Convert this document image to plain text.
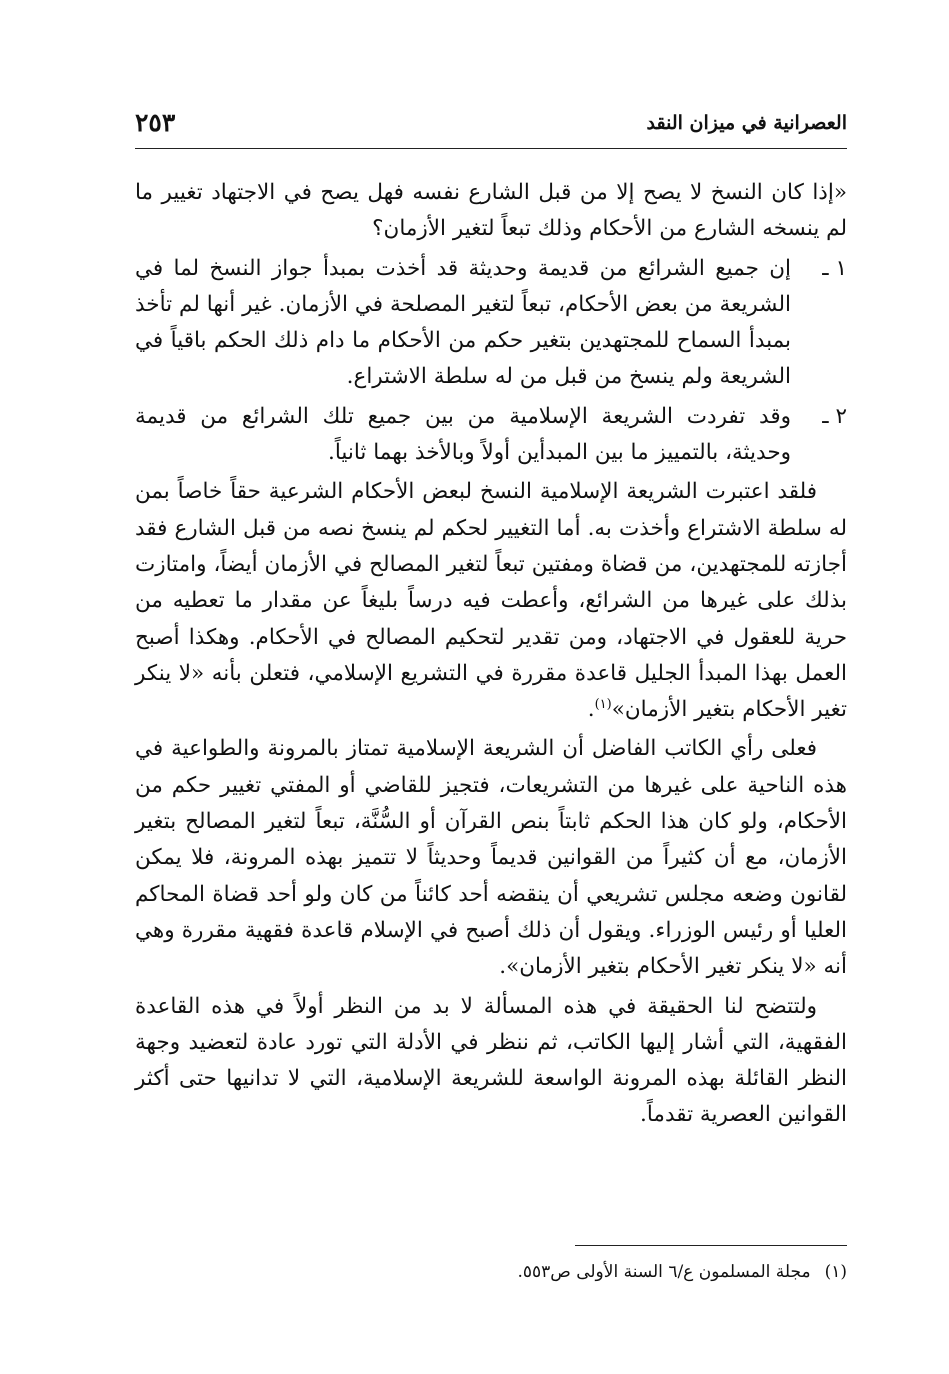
العصرانية في ميزان النقد
٢٥٣

«إذا كان النسخ لا يصح إلا من قبل الشارع نفسه فهل يصح في الاجتهاد تغيير ما لم ينسخه الشارع من الأحكام وذلك تبعاً لتغير الأزمان؟

١ ـ
إن جميع الشرائع من قديمة وحديثة قد أخذت بمبدأ جواز النسخ لما في الشريعة من بعض الأحكام، تبعاً لتغير المصلحة في الأزمان. غير أنها لم تأخذ بمبدأ السماح للمجتهدين بتغير حكم من الأحكام ما دام ذلك الحكم باقياً في الشريعة ولم ينسخ من قبل من له سلطة الاشتراع.
٢ ـ
وقد تفردت الشريعة الإسلامية من بين جميع تلك الشرائع من قديمة وحديثة، بالتمييز ما بين المبدأين أولاً وبالأخذ بهما ثانياً.

فلقد اعتبرت الشريعة الإسلامية النسخ لبعض الأحكام الشرعية حقاً خاصاً بمن له سلطة الاشتراع وأخذت به. أما التغيير لحكم لم ينسخ نصه من قبل الشارع فقد أجازته للمجتهدين، من قضاة ومفتين تبعاً لتغير المصالح في الأزمان أيضاً، وامتازت بذلك على غيرها من الشرائع، وأعطت فيه درساً بليغاً عن مقدار ما تعطيه من حرية للعقول في الاجتهاد، ومن تقدير لتحكيم المصالح في الأحكام. وهكذا أصبح العمل بهذا المبدأ الجليل قاعدة مقررة في التشريع الإسلامي، فتعلن بأنه «لا ينكر تغير الأحكام بتغير الأزمان»$^{(١)}$.

فعلى رأي الكاتب الفاضل أن الشريعة الإسلامية تمتاز بالمرونة والطواعية في هذه الناحية على غيرها من التشريعات، فتجيز للقاضي أو المفتي تغيير حكم من الأحكام، ولو كان هذا الحكم ثابتاً بنص القرآن أو السُّنَّة، تبعاً لتغير المصالح بتغير الأزمان، مع أن كثيراً من القوانين قديماً وحديثاً لا تتميز بهذه المرونة، فلا يمكن لقانون وضعه مجلس تشريعي أن ينقضه أحد كائناً من كان ولو أحد قضاة المحاكم العليا أو رئيس الوزراء. ويقول أن ذلك أصبح في الإسلام قاعدة فقهية مقررة وهي أنه «لا ينكر تغير الأحكام بتغير الأزمان».

ولتتضح لنا الحقيقة في هذه المسألة لا بد من النظر أولاً في هذه القاعدة الفقهية، التي أشار إليها الكاتب، ثم ننظر في الأدلة التي تورد عادة لتعضيد وجهة النظر القائلة بهذه المرونة الواسعة للشريعة الإسلامية، التي لا تدانيها حتى أكثر القوانين العصرية تقدماً.

(١)مجلة المسلمون ع/٦ السنة الأولى ص٥٥٣.
